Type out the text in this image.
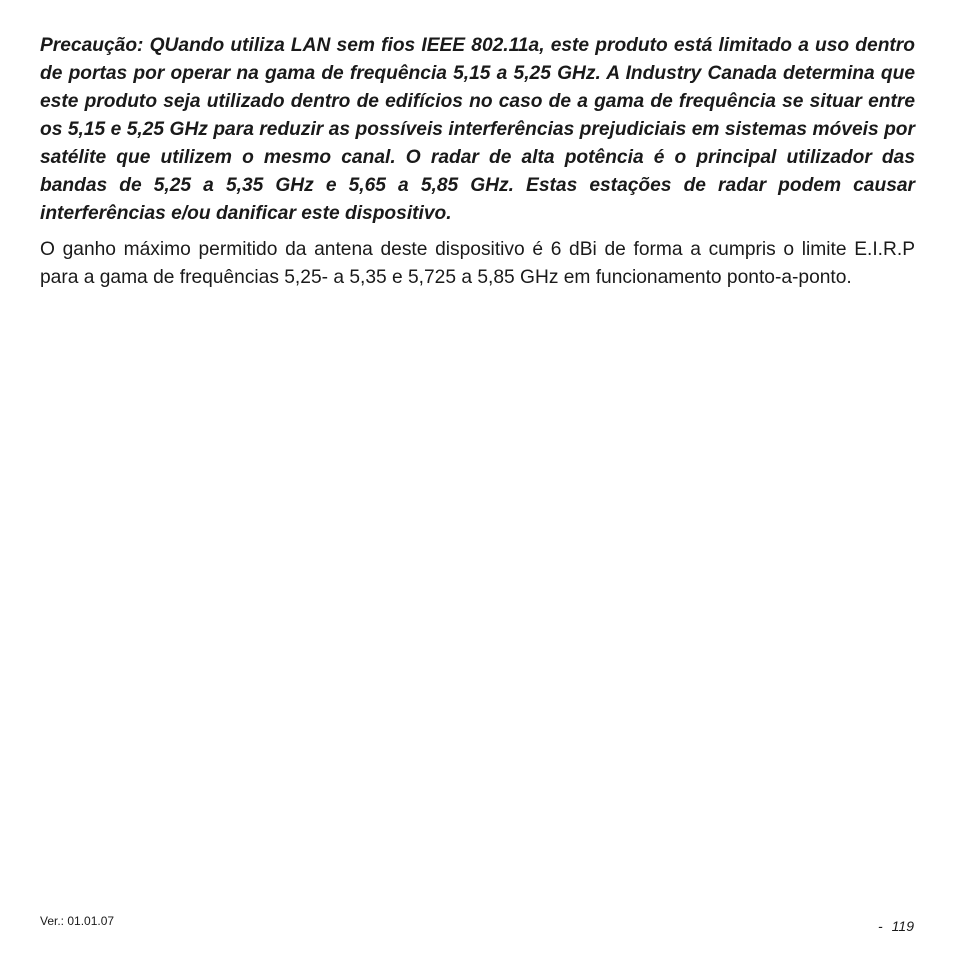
Precaução: QUando utiliza LAN sem fios IEEE 802.11a, este produto está limitado a uso dentro de portas por operar na gama de frequência 5,15 a 5,25 GHz. A Industry Canada determina que este produto seja utilizado dentro de edifícios no caso de a gama de frequência se situar entre os 5,15 e 5,25 GHz para reduzir as possíveis interferências prejudiciais em sistemas móveis por satélite que utilizem o mesmo canal. O radar de alta potência é o principal utilizador das bandas de 5,25 a 5,35 GHz e 5,65 a 5,85 GHz. Estas estações de radar podem causar interferências e/ou danificar este dispositivo.

O ganho máximo permitido da antena deste dispositivo é 6 dBi de forma a cumpris o limite E.I.R.P para a gama de frequências 5,25- a 5,35 e 5,725 a 5,85 GHz em funcionamento ponto-a-ponto.

Ver.: 01.01.07	- 119
